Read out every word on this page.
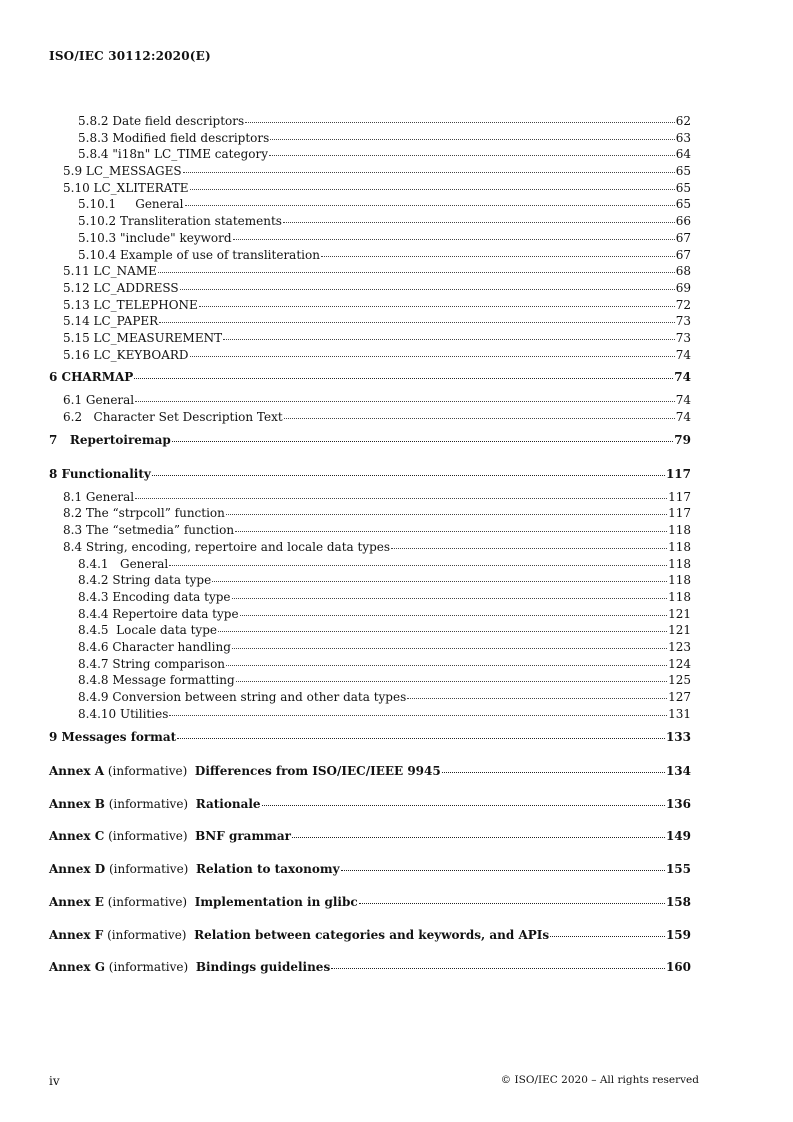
ISO/IEC 30112:2020(E)
5.8.2 Date field descriptors	62
5.8.3 Modified field descriptors	63
5.8.4 "i18n" LC_TIME category	64
5.9 LC_MESSAGES	65
5.10 LC_XLITERATE	65
5.10.1     General	65
5.10.2 Transliteration statements	66
5.10.3 "include" keyword	67
5.10.4 Example of use of transliteration	67
5.11 LC_NAME	68
5.12 LC_ADDRESS	69
5.13 LC_TELEPHONE	72
5.14 LC_PAPER	73
5.15 LC_MEASUREMENT	73
5.16 LC_KEYBOARD	74
6 CHARMAP	74
6.1 General	74
6.2   Character Set Description Text	74
7   Repertoiremap	79
8 Functionality	117
8.1 General	117
8.2 The “strpcoll” function	117
8.3 The “setmedia” function	118
8.4 String, encoding, repertoire and locale data types	118
8.4.1   General	118
8.4.2 String data type	118
8.4.3 Encoding data type	118
8.4.4 Repertoire data type	121
8.4.5  Locale data type	121
8.4.6 Character handling	123
8.4.7 String comparison	124
8.4.8 Message formatting	125
8.4.9 Conversion between string and other data types	127
8.4.10 Utilities	131
9 Messages format	133
Annex A (informative)  Differences from ISO/IEC/IEEE 9945	134
Annex B (informative)  Rationale	136
Annex C (informative)  BNF grammar	149
Annex D (informative)  Relation to taxonomy	155
Annex E (informative)  Implementation in glibc	158
Annex F (informative)  Relation between categories and keywords, and APIs	159
Annex G (informative)  Bindings guidelines	160
iv	© ISO/IEC 2020 – All rights reserved
